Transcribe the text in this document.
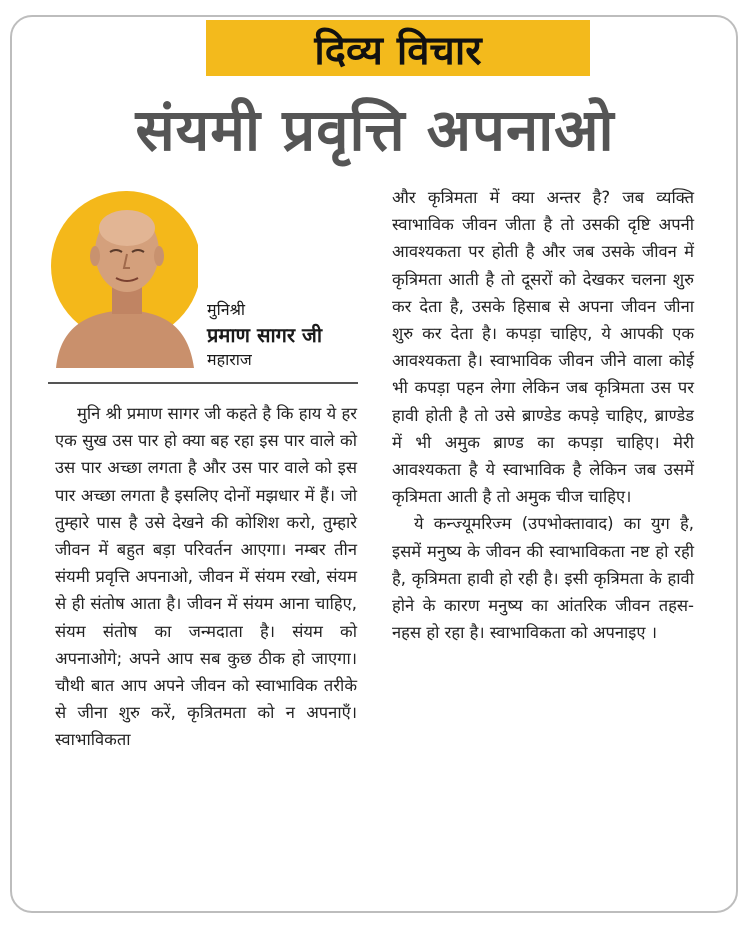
दिव्य विचार
संयमी प्रवृत्ति अपनाओ
मुनिश्री
प्रमाण सागर जी
महाराज

मुनि श्री प्रमाण सागर जी कहते है कि हाय ये हर एक सुख उस पार हो क्या बह रहा इस पार वाले को उस पार अच्छा लगता है और उस पार वाले को इस पार अच्छा लगता है इसलिए दोनों मझधार में हैं। जो तुम्हारे पास है उसे देखने की कोशिश करो, तुम्हारे जीवन में बहुत बड़ा परिवर्तन आएगा। नम्बर तीन संयमी प्रवृत्ति अपनाओ, जीवन में संयम रखो, संयम से ही संतोष आता है। जीवन में संयम आना चाहिए, संयम संतोष का जन्मदाता है। संयम को अपनाओगे; अपने आप सब कुछ ठीक हो जाएगा। चौथी बात आप अपने जीवन को स्वाभाविक तरीके से जीना शुरु करें, कृत्रितमता को न अपनाएँ। स्वाभाविकता

और कृत्रिमता में क्या अन्तर है? जब व्यक्ति स्वाभाविक जीवन जीता है तो उसकी दृष्टि अपनी आवश्यकता पर होती है और जब उसके जीवन में कृत्रिमता आती है तो दूसरों को देखकर चलना शुरु कर देता है, उसके हिसाब से अपना जीवन जीना शुरु कर देता है। कपड़ा चाहिए, ये आपकी एक आवश्यकता है। स्वाभाविक जीवन जीने वाला कोई भी कपड़ा पहन लेगा लेकिन जब कृत्रिमता उस पर हावी होती है तो उसे ब्राण्डेड कपड़े चाहिए, ब्राण्डेड में भी अमुक ब्राण्ड का कपड़ा चाहिए। मेरी आवश्यकता है ये स्वाभाविक है लेकिन जब उसमें कृत्रिमता आती है तो अमुक चीज चाहिए।

ये कन्ज्यूमरिज्म (उपभोक्तावाद) का युग है, इसमें मनुष्य के जीवन की स्वाभाविकता नष्ट हो रही है, कृत्रिमता हावी हो रही है। इसी कृत्रिमता के हावी होने के कारण मनुष्य का आंतरिक जीवन तहस-नहस हो रहा है। स्वाभाविकता को अपनाइए ।
